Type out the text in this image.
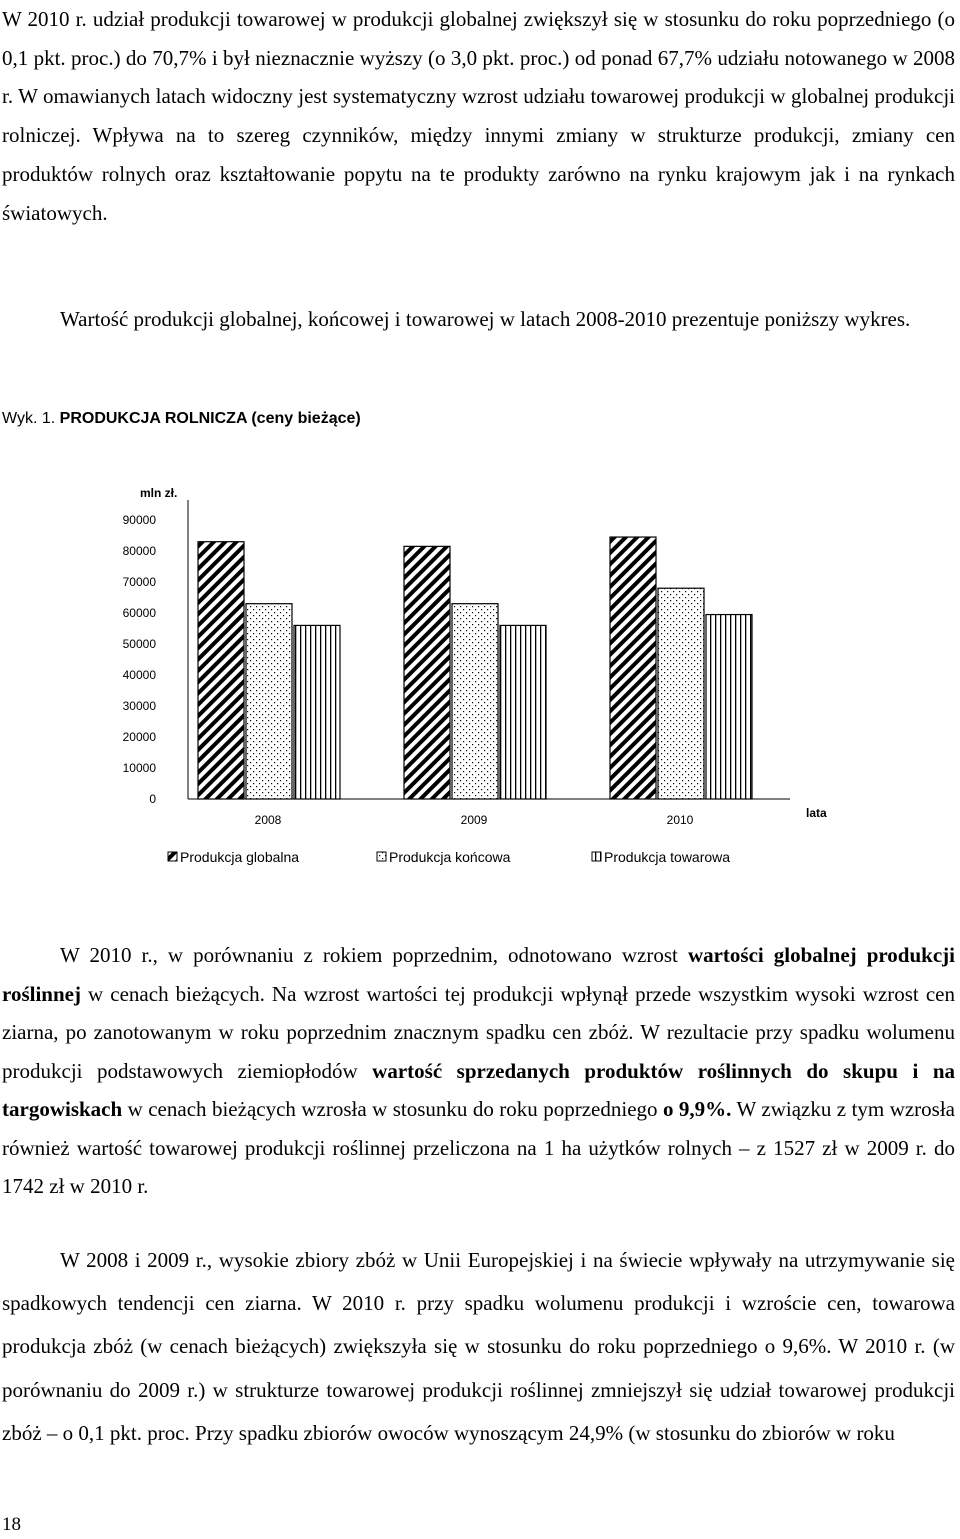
W 2010 r. udział produkcji towarowej w produkcji globalnej zwiększył się w stosunku do roku poprzedniego (o 0,1 pkt. proc.) do 70,7% i był nieznacznie wyższy (o 3,0 pkt. proc.) od ponad 67,7% udziału notowanego w 2008 r. W omawianych latach widoczny jest systematyczny wzrost udziału towarowej produkcji w globalnej produkcji rolniczej. Wpływa na to szereg czynników, między innymi zmiany w strukturze produkcji, zmiany cen produktów rolnych oraz kształtowanie popytu na te produkty zarówno na rynku krajowym jak i na rynkach światowych.

Wartość produkcji globalnej, końcowej i towarowej w latach 2008-2010 prezentuje poniższy wykres.

Wyk. 1. PRODUKCJA ROLNICZA (ceny bieżące)
mln zł.
0
10000
20000
30000
40000
50000
60000
70000
80000
90000
2008	2009	2010	lata
Produkcja globalna	Produkcja końcowa	Produkcja towarowa

W 2010 r., w porównaniu z rokiem poprzednim, odnotowano wzrost wartości globalnej produkcji roślinnej w cenach bieżących. Na wzrost wartości tej produkcji wpłynął przede wszystkim wysoki wzrost cen ziarna, po zanotowanym w roku poprzednim znacznym spadku cen zbóż. W rezultacie przy spadku wolumenu produkcji podstawowych ziemiopłodów wartość sprzedanych produktów roślinnych do skupu i na targowiskach w cenach bieżących wzrosła w stosunku do roku poprzedniego o 9,9%. W związku z tym wzrosła również wartość towarowej produkcji roślinnej przeliczona na 1 ha użytków rolnych – z 1527 zł w 2009 r. do 1742 zł w 2010 r.

W 2008 i 2009 r., wysokie zbiory zbóż w Unii Europejskiej i na świecie wpływały na utrzymywanie się spadkowych tendencji cen ziarna. W 2010 r. przy spadku wolumenu produkcji i wzroście cen, towarowa produkcja zbóż (w cenach bieżących) zwiększyła się w stosunku do roku poprzedniego o 9,6%. W 2010 r. (w porównaniu do 2009 r.) w strukturze towarowej produkcji roślinnej zmniejszył się udział towarowej produkcji zbóż – o 0,1 pkt. proc. Przy spadku zbiorów owoców wynoszącym 24,9% (w stosunku do zbiorów w roku

18
